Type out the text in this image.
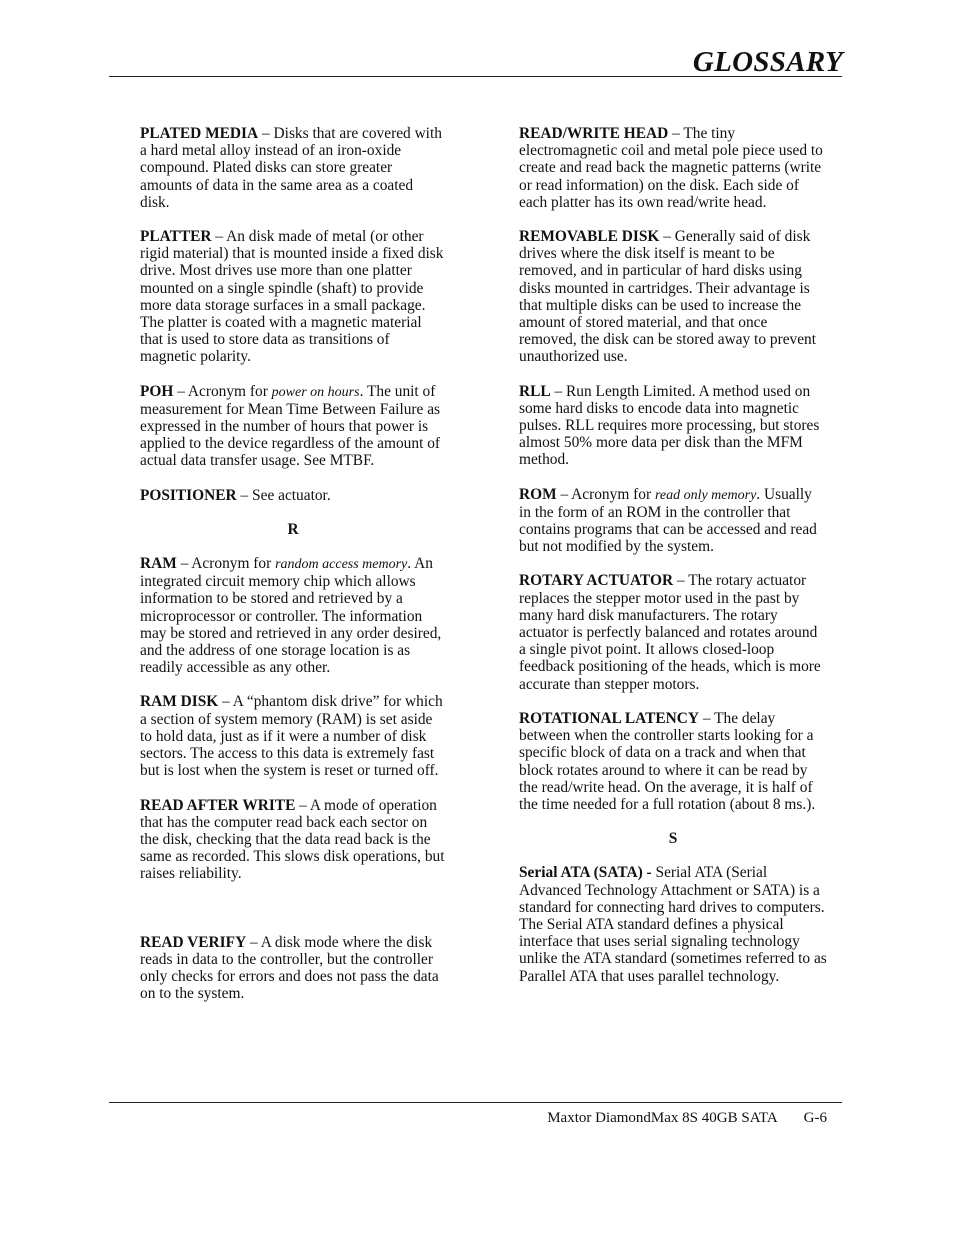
GLOSSARY

PLATED MEDIA – Disks that are covered with a hard metal alloy instead of an iron-oxide compound. Plated disks can store greater amounts of data in the same area as a coated disk.

PLATTER – An disk made of metal (or other rigid material) that is mounted inside a fixed disk drive. Most drives use more than one platter mounted on a single spindle (shaft) to provide more data storage surfaces in a small package. The platter is coated with a magnetic material that is used to store data as transitions of magnetic polarity.

POH – Acronym for power on hours. The unit of measurement for Mean Time Between Failure as expressed in the number of hours that power is applied to the device regardless of the amount of actual data transfer usage. See MTBF.

POSITIONER – See actuator.

R

RAM – Acronym for random access memory. An integrated circuit memory chip which allows information to be stored and retrieved by a microprocessor or controller. The information may be stored and retrieved in any order desired, and the address of one storage location is as readily accessible as any other.

RAM DISK – A “phantom disk drive” for which a section of system memory (RAM) is set aside to hold data, just as if it were a number of disk sectors. The access to this data is extremely fast but is lost when the system is reset or turned off.

READ AFTER WRITE – A mode of operation that has the computer read back each sector on the disk, checking that the data read back is the same as recorded. This slows disk operations, but raises reliability.

READ VERIFY – A disk mode where the disk reads in data to the controller, but the controller only checks for errors and does not pass the data on to the system.

READ/WRITE HEAD – The tiny electromagnetic coil and metal pole piece used to create and read back the magnetic patterns (write or read information) on the disk. Each side of each platter has its own read/write head.

REMOVABLE DISK – Generally said of disk drives where the disk itself is meant to be removed, and in particular of hard disks using disks mounted in cartridges. Their advantage is that multiple disks can be used to increase the amount of stored material, and that once removed, the disk can be stored away to prevent unauthorized use.

RLL – Run Length Limited. A method used on some hard disks to encode data into magnetic pulses. RLL requires more processing, but stores almost 50% more data per disk than the MFM method.

ROM – Acronym for read only memory. Usually in the form of an ROM in the controller that contains programs that can be accessed and read but not modified by the system.

ROTARY ACTUATOR – The rotary actuator replaces the stepper motor used in the past by many hard disk manufacturers. The rotary actuator is perfectly balanced and rotates around a single pivot point. It allows closed-loop feedback positioning of the heads, which is more accurate than stepper motors.

ROTATIONAL LATENCY – The delay between when the controller starts looking for a specific block of data on a track and when that block rotates around to where it can be read by the read/write head. On the average, it is half of the time needed for a full rotation (about 8 ms.).

S

Serial ATA (SATA) - Serial ATA (Serial Advanced Technology Attachment or SATA) is a standard for connecting hard drives to computers. The Serial ATA standard defines a physical interface that uses serial signaling technology unlike the ATA standard (sometimes referred to as Parallel ATA that uses parallel technology.

Maxtor DiamondMax 8S 40GB SATA G-6
